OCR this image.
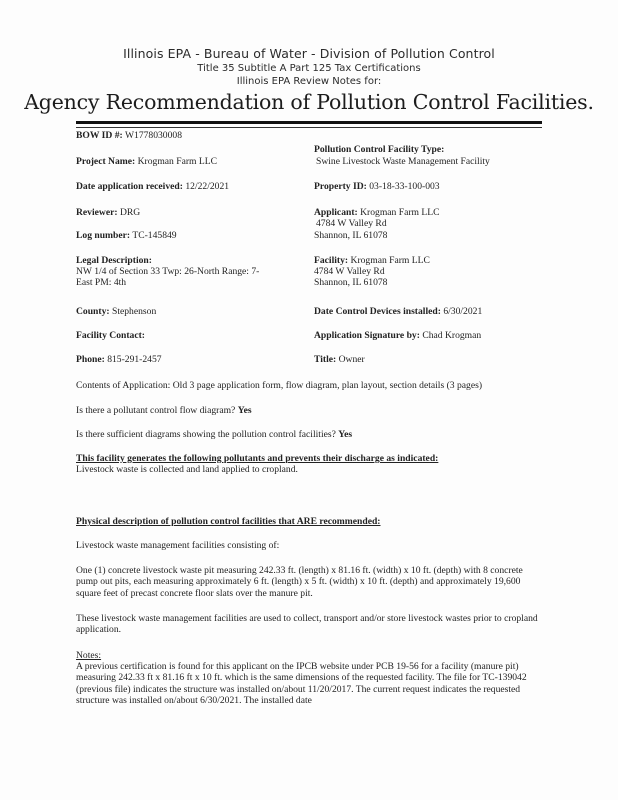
Illinois EPA - Bureau of Water - Division of Pollution Control
Title 35 Subtitle A Part 125 Tax Certifications
Illinois EPA Review Notes for:
Agency Recommendation of Pollution Control Facilities.
BOW ID #: W1778030008
Project Name: Krogman Farm LLC
Date application received: 12/22/2021
Reviewer: DRG
Log number: TC-145849
Legal Description:
NW 1/4 of Section 33 Twp: 26-North Range: 7-
East PM: 4th
County: Stephenson
Facility Contact:
Phone: 815-291-2457
Pollution Control Facility Type:
Swine Livestock Waste Management Facility
Property ID: 03-18-33-100-003
Applicant: Krogman Farm LLC
4784 W Valley Rd
Shannon, IL 61078
Facility: Krogman Farm LLC
4784 W Valley Rd
Shannon, IL 61078
Date Control Devices installed: 6/30/2021
Application Signature by: Chad Krogman
Title: Owner
Contents of Application: Old 3 page application form, flow diagram, plan layout, section details (3 pages)
Is there a pollutant control flow diagram? Yes
Is there sufficient diagrams showing the pollution control facilities? Yes
This facility generates the following pollutants and prevents their discharge as indicated:
Livestock waste is collected and land applied to cropland.
Physical description of pollution control facilities that ARE recommended:
Livestock waste management facilities consisting of:
One (1) concrete livestock waste pit measuring 242.33 ft. (length) x 81.16 ft. (width) x 10 ft. (depth) with 8 concrete pump out pits, each measuring approximately 6 ft. (length) x 5 ft. (width) x 10 ft. (depth) and approximately 19,600 square feet of precast concrete floor slats over the manure pit.
These livestock waste management facilities are used to collect, transport and/or store livestock wastes prior to cropland application.
Notes:
A previous certification is found for this applicant on the IPCB website under PCB 19-56 for a facility (manure pit) measuring 242.33 ft x 81.16 ft x 10 ft. which is the same dimensions of the requested facility. The file for TC-139042 (previous file) indicates the structure was installed on/about 11/20/2017. The current request indicates the requested structure was installed on/about 6/30/2021. The installed date
